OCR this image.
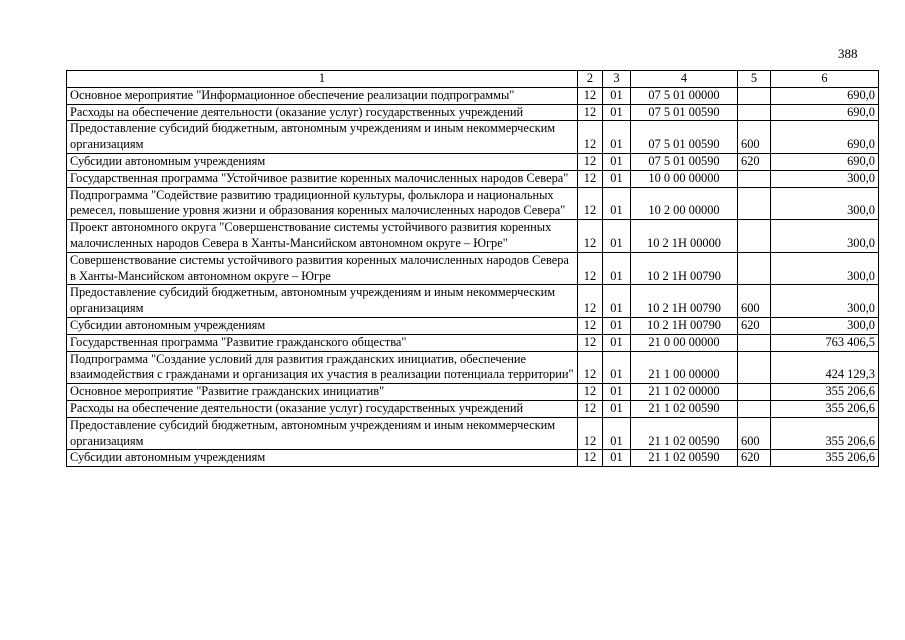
388
1	2	3	4	5	6
Основное мероприятие "Информационное обеспечение реализации подпрограммы"	12	01	07 5 01 00000		690,0
Расходы на обеспечение деятельности (оказание услуг) государственных учреждений	12	01	07 5 01 00590		690,0
Предоставление субсидий бюджетным, автономным учреждениям и иным некоммерческим организациям	12	01	07 5 01 00590	600	690,0
Субсидии автономным учреждениям	12	01	07 5 01 00590	620	690,0
Государственная программа "Устойчивое развитие коренных малочисленных народов Севера"	12	01	10 0 00 00000		300,0
Подпрограмма "Содействие развитию традиционной культуры, фольклора и национальных ремесел, повышение уровня жизни и образования коренных малочисленных народов Севера"	12	01	10 2 00 00000		300,0
Проект автономного округа "Совершенствование системы устойчивого развития коренных малочисленных народов Севера в Ханты-Мансийском автономном округе – Югре"	12	01	10 2 1Н 00000		300,0
Совершенствование системы устойчивого развития коренных малочисленных народов Севера в Ханты-Мансийском автономном округе – Югре	12	01	10 2 1Н 00790		300,0
Предоставление субсидий бюджетным, автономным учреждениям и иным некоммерческим организациям	12	01	10 2 1Н 00790	600	300,0
Субсидии автономным учреждениям	12	01	10 2 1Н 00790	620	300,0
Государственная программа "Развитие гражданского общества"	12	01	21 0 00 00000		763 406,5
Подпрограмма "Создание условий для развития гражданских инициатив, обеспечение взаимодействия с гражданами и организация их участия в реализации потенциала территории"	12	01	21 1 00 00000		424 129,3
Основное мероприятие "Развитие гражданских инициатив"	12	01	21 1 02 00000		355 206,6
Расходы на обеспечение деятельности (оказание услуг) государственных учреждений	12	01	21 1 02 00590		355 206,6
Предоставление субсидий бюджетным, автономным учреждениям и иным некоммерческим организациям	12	01	21 1 02 00590	600	355 206,6
Субсидии автономным учреждениям	12	01	21 1 02 00590	620	355 206,6
